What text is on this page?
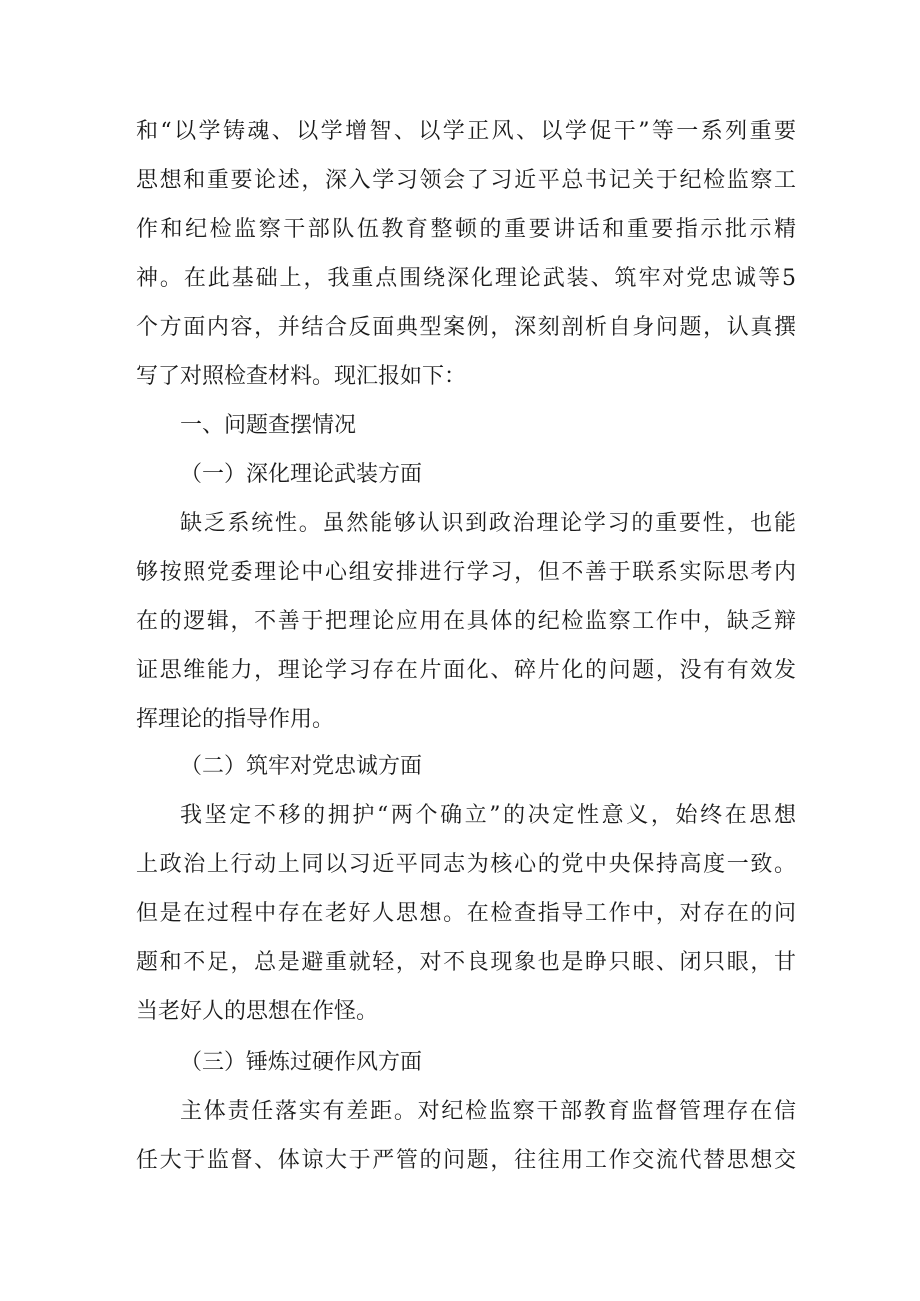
和“以学铸魂、以学增智、以学正风、以学促干”等一系列重要
思想和重要论述，深入学习领会了习近平总书记关于纪检监察工
作和纪检监察干部队伍教育整顿的重要讲话和重要指示批示精
神。在此基础上，我重点围绕深化理论武装、筑牢对党忠诚等5
个方面内容，并结合反面典型案例，深刻剖析自身问题，认真撰
写了对照检查材料。现汇报如下：
一、问题查摆情况
（一）深化理论武装方面
缺乏系统性。虽然能够认识到政治理论学习的重要性，也能
够按照党委理论中心组安排进行学习，但不善于联系实际思考内
在的逻辑，不善于把理论应用在具体的纪检监察工作中，缺乏辩
证思维能力，理论学习存在片面化、碎片化的问题，没有有效发
挥理论的指导作用。
（二）筑牢对党忠诚方面
我坚定不移的拥护“两个确立”的决定性意义，始终在思想
上政治上行动上同以习近平同志为核心的党中央保持高度一致。
但是在过程中存在老好人思想。在检查指导工作中，对存在的问
题和不足，总是避重就轻，对不良现象也是睁只眼、闭只眼，甘
当老好人的思想在作怪。
（三）锤炼过硬作风方面
主体责任落实有差距。对纪检监察干部教育监督管理存在信
任大于监督、体谅大于严管的问题，往往用工作交流代替思想交
